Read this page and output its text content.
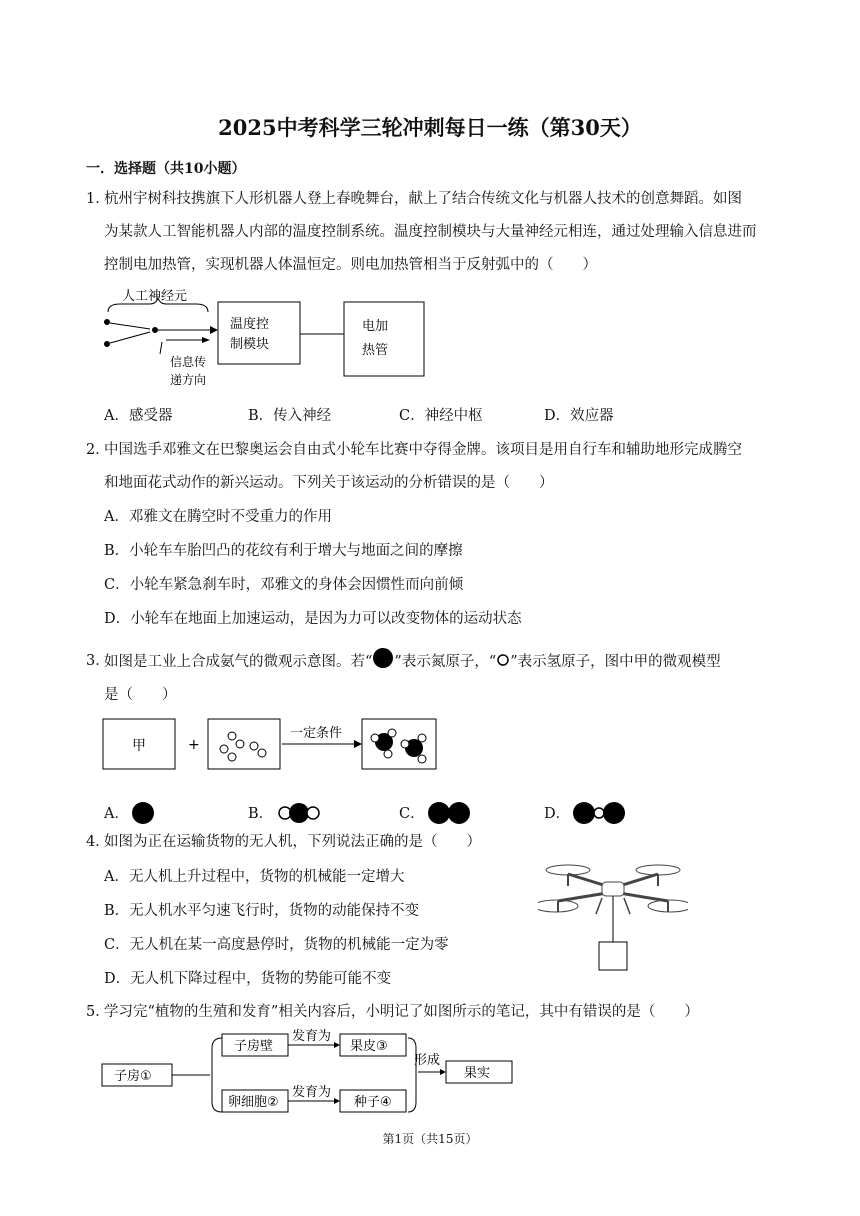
2025中考科学三轮冲刺每日一练（第30天）
一．选择题（共10小题）
1．
杭州宇树科技携旗下人形机器人登上春晚舞台，献上了结合传统文化与机器人技术的创意舞蹈。如图
为某款人工智能机器人内部的温度控制系统。温度控制模块与大量神经元相连，通过处理输入信息进而
控制电加热管，实现机器人体温恒定。则电加热管相当于反射弧中的（　　）
人工神经元
信息传
递方向
温度控
制模块
电加
热管
A．感受器	B．传入神经	C．神经中枢	D．效应器
2．
中国选手邓雅文在巴黎奥运会自由式小轮车比赛中夺得金牌。该项目是用自行车和辅助地形完成腾空
和地面花式动作的新兴运动。下列关于该运动的分析错误的是（　　）
A．邓雅文在腾空时不受重力的作用
B．小轮车车胎凹凸的花纹有利于增大与地面之间的摩擦
C．小轮车紧急刹车时，邓雅文的身体会因惯性而向前倾
D．小轮车在地面上加速运动，是因为力可以改变物体的运动状态
3．
如图是工业上合成氨气的微观示意图。若“ ”表示氮原子，“ ”表示氢原子，图中甲的微观模型
是（　　）
甲	+
一定条件
A．	B．	C．	D．
4．
如图为正在运输货物的无人机，下列说法正确的是（　　）
A．无人机上升过程中，货物的机械能一定增大
B．无人机水平匀速飞行时，货物的动能保持不变
C．无人机在某一高度悬停时，货物的机械能一定为零
D．无人机下降过程中，货物的势能可能不变
5．
学习完“植物的生殖和发育”相关内容后，小明记了如图所示的笔记，其中有错误的是（　　）
子房①
子房壁
卵细胞②
发育为
发育为
果皮③
种子④
形成
果实
第1页（共15页）
